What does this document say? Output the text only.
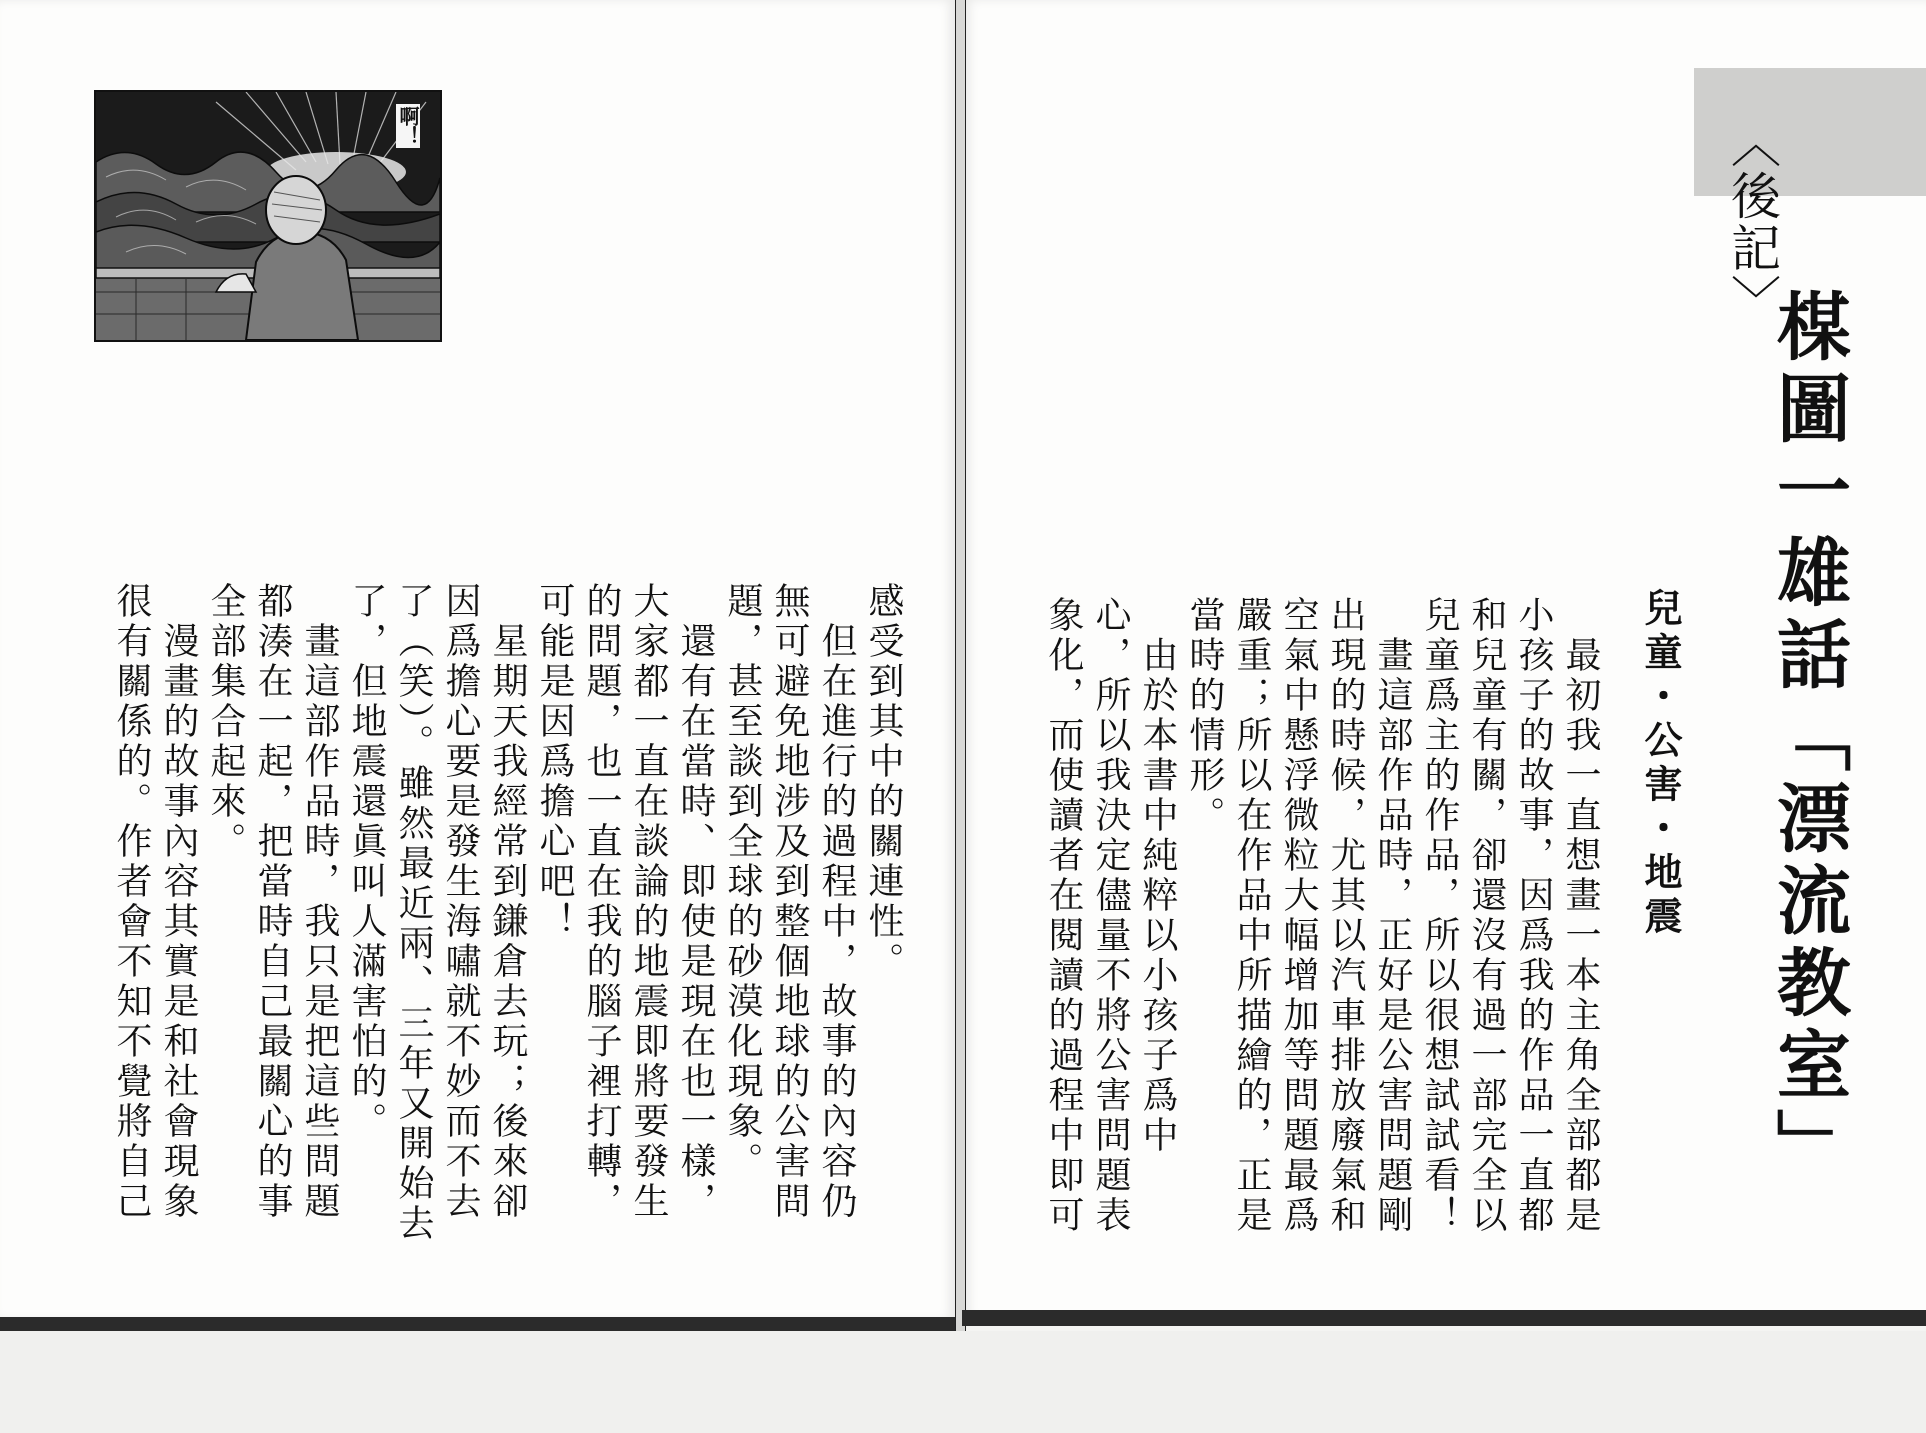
啊！	〈後記〉
楳圖一雄話「漂流教室」
兒童・公害・地震
　最初我一直想畫一本主角全部都是
小孩子的故事，因爲我的作品一直都
和兒童有關，卻還沒有過一部完全以
兒童爲主的作品，所以很想試試看！
　畫這部作品時，正好是公害問題剛
出現的時候，尤其以汽車排放廢氣和
空氣中懸浮微粒大幅增加等問題最爲
嚴重；所以在作品中所描繪的，正是
當時的情形。
　由於本書中純粹以小孩子爲中
心，所以我決定儘量不將公害問題表
象化，而使讀者在閱讀的過程中即可
感受到其中的關連性。
　但在進行的過程中，故事的內容仍
無可避免地涉及到整個地球的公害問
題，甚至談到全球的砂漠化現象。
　還有在當時、即使是現在也一樣，
大家都一直在談論的地震即將要發生
的問題，也一直在我的腦子裡打轉，
可能是因爲擔心吧！
　星期天我經常到鎌倉去玩；後來卻
因爲擔心要是發生海嘯就不妙而不去
了（笑）。雖然最近兩、三年又開始去
了，但地震還眞叫人滿害怕的。
　畫這部作品時，我只是把這些問題
都湊在一起，把當時自己最關心的事
全部集合起來。
　漫畫的故事內容其實是和社會現象
很有關係的。作者會不知不覺將自己
